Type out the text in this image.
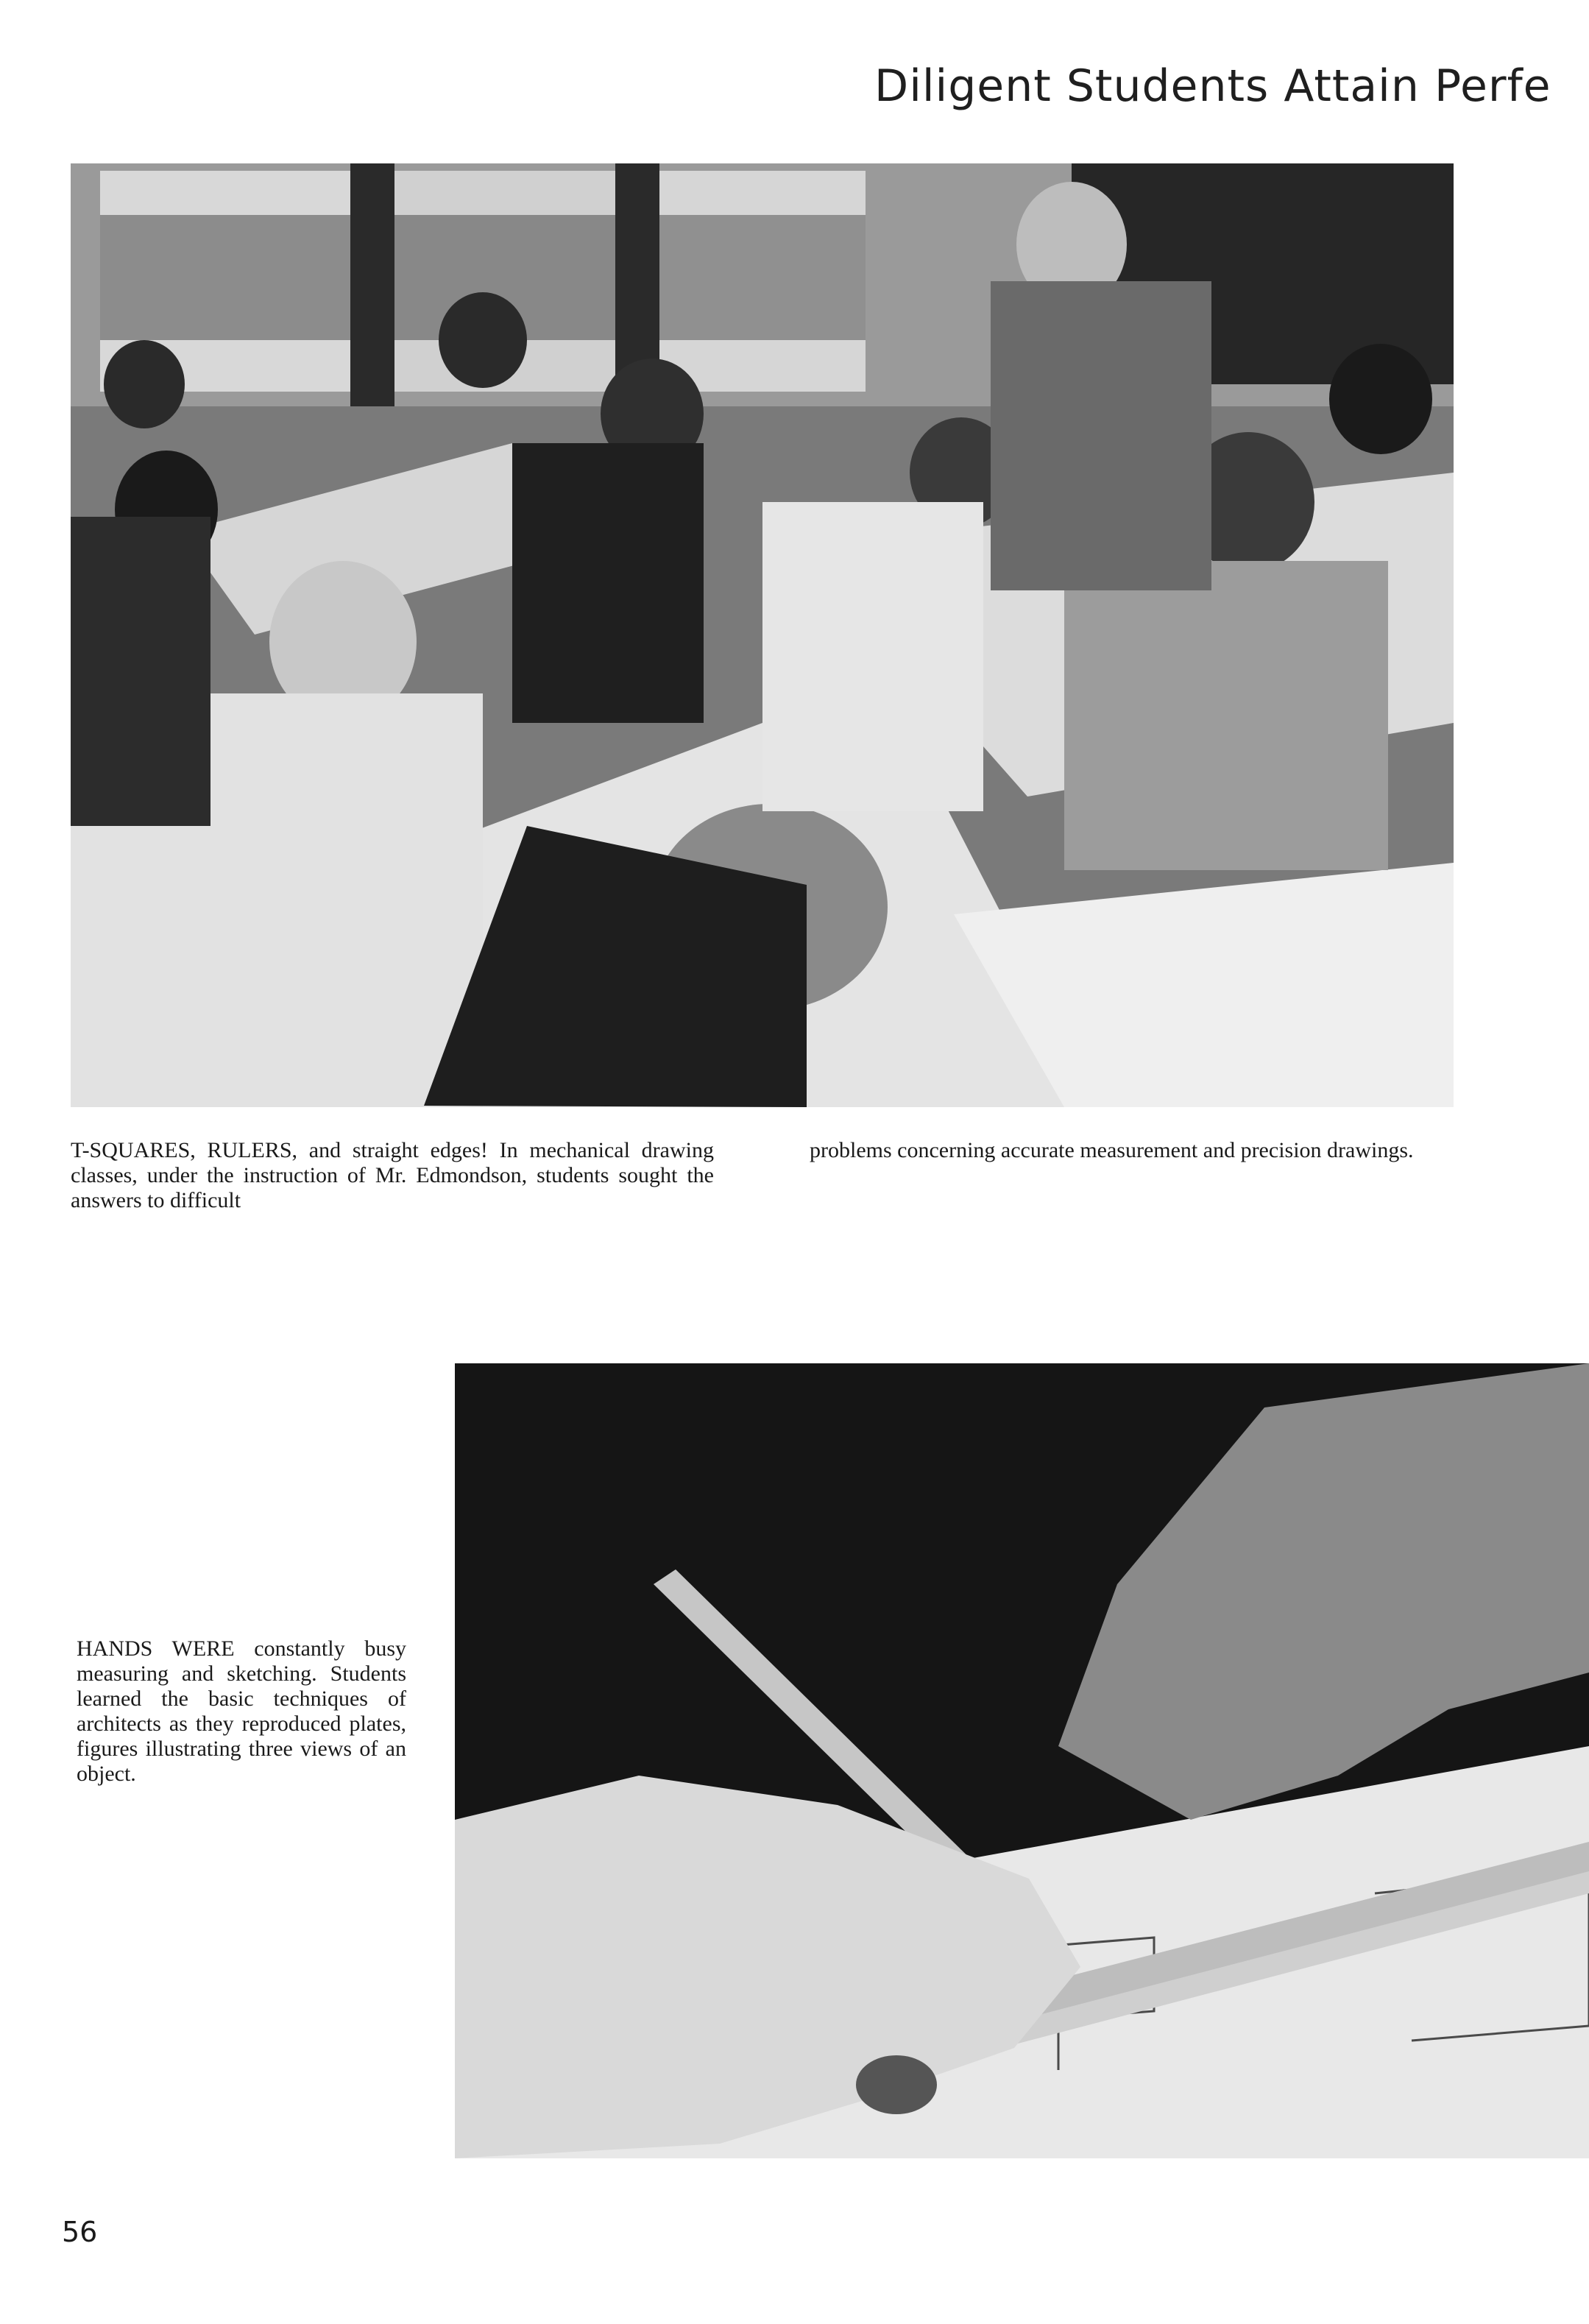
Diligent Students Attain Perfe
T-SQUARES, RULERS, and straight edges! In mechanical drawing classes, under the instruction of Mr. Edmondson, students sought the answers to difficult
problems concerning accurate measurement and precision drawings.
HANDS WERE constantly busy measuring and sketching. Students learned the basic techniques of architects as they reproduced plates, figures illustrating three views of an object.
56
